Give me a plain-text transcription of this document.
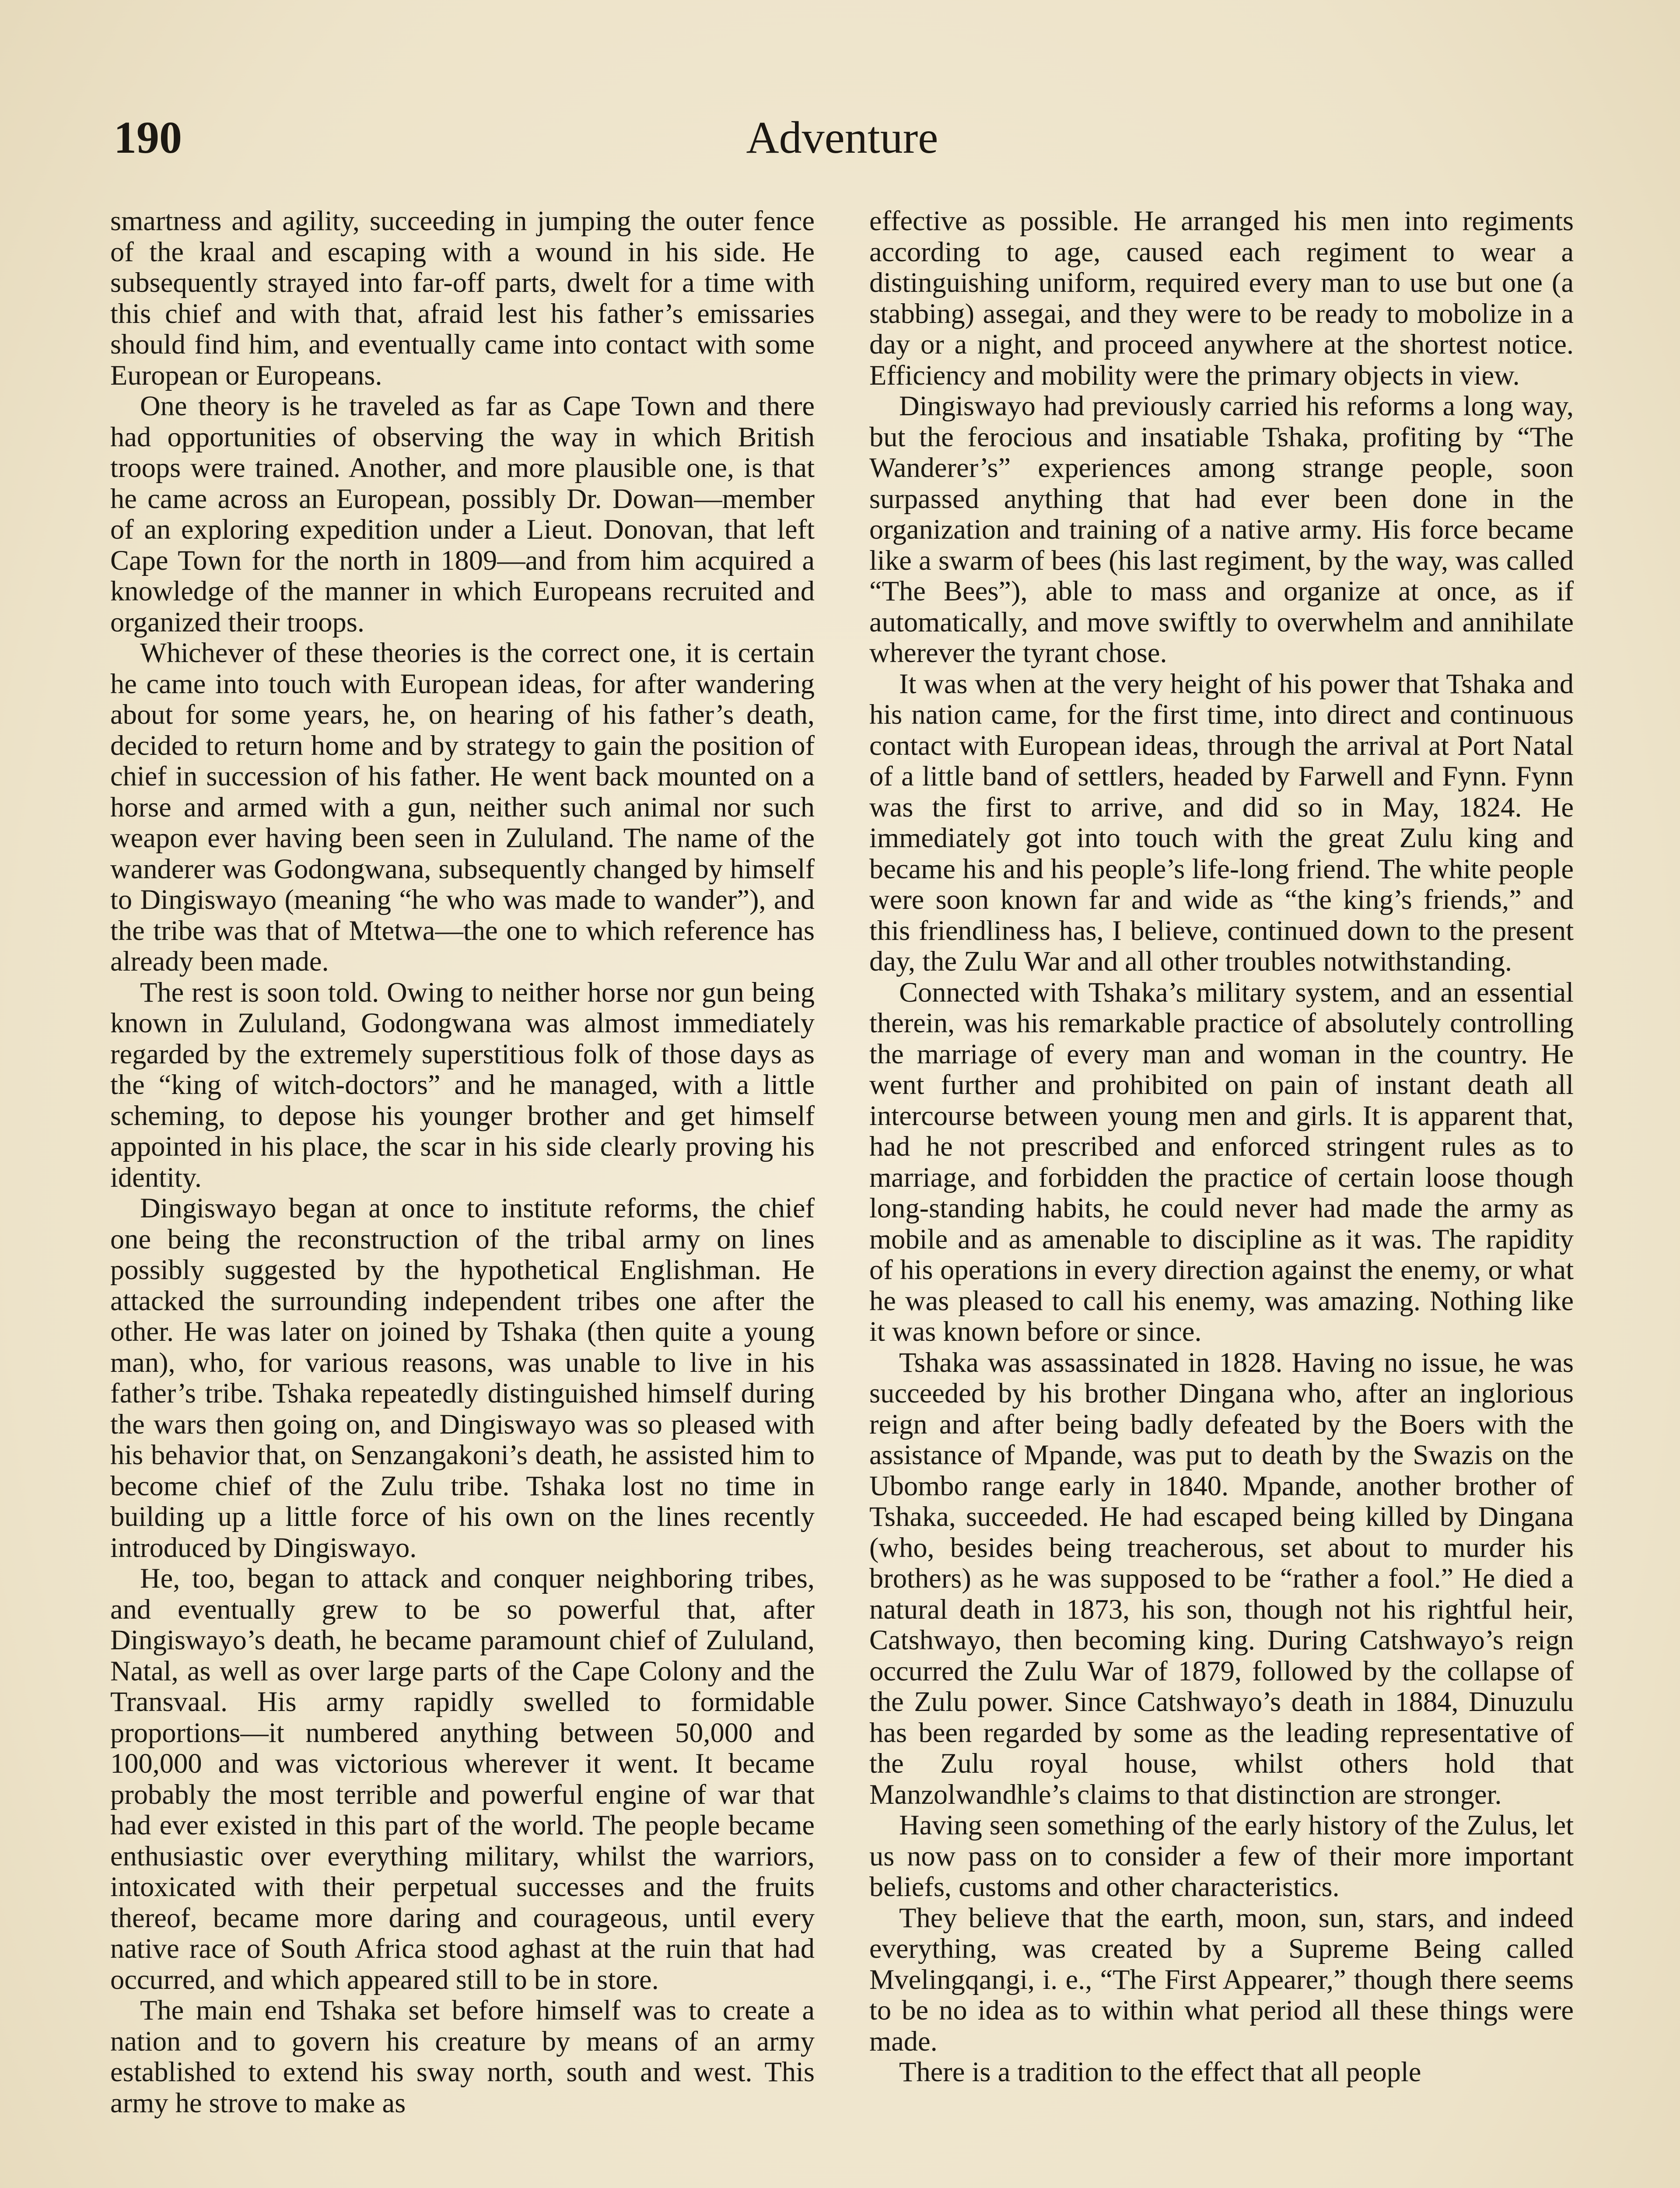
190	Adventure

smartness and agility, succeeding in jumping the outer fence of the kraal and escaping with a wound in his side. He subsequently strayed into far-off parts, dwelt for a time with this chief and with that, afraid lest his father’s emissaries should find him, and eventually came into contact with some European or Europeans.

One theory is he traveled as far as Cape Town and there had opportunities of observing the way in which British troops were trained. Another, and more plausible one, is that he came across an European, possibly Dr. Dowan—member of an exploring expedition under a Lieut. Donovan, that left Cape Town for the north in 1809—and from him acquired a knowledge of the manner in which Europeans recruited and organized their troops.

Whichever of these theories is the correct one, it is certain he came into touch with European ideas, for after wandering about for some years, he, on hearing of his father’s death, decided to return home and by strategy to gain the position of chief in succession of his father. He went back mounted on a horse and armed with a gun, neither such animal nor such weapon ever having been seen in Zululand. The name of the wanderer was Godongwana, subsequently changed by himself to Dingiswayo (meaning “he who was made to wander”), and the tribe was that of Mtetwa—the one to which reference has already been made.

The rest is soon told. Owing to neither horse nor gun being known in Zululand, Godongwana was almost immediately regarded by the extremely superstitious folk of those days as the “king of witch-doctors” and he managed, with a little scheming, to depose his younger brother and get himself appointed in his place, the scar in his side clearly proving his identity.

Dingiswayo began at once to institute reforms, the chief one being the reconstruction of the tribal army on lines possibly suggested by the hypothetical Englishman. He attacked the surrounding independent tribes one after the other. He was later on joined by Tshaka (then quite a young man), who, for various reasons, was unable to live in his father’s tribe. Tshaka repeatedly distinguished himself during the wars then going on, and Dingiswayo was so pleased with his behavior that, on Senzangakoni’s death, he assisted him to become chief of the Zulu tribe. Tshaka lost no time in building up a little force of his own on the lines recently introduced by Dingiswayo.

He, too, began to attack and conquer neighboring tribes, and eventually grew to be so powerful that, after Dingiswayo’s death, he became paramount chief of Zululand, Natal, as well as over large parts of the Cape Colony and the Transvaal. His army rapidly swelled to formidable proportions—it numbered anything between 50,000 and 100,000 and was victorious wherever it went. It became probably the most terrible and powerful engine of war that had ever existed in this part of the world. The people became enthusiastic over everything military, whilst the warriors, intoxicated with their perpetual successes and the fruits thereof, became more daring and courageous, until every native race of South Africa stood aghast at the ruin that had occurred, and which appeared still to be in store.

The main end Tshaka set before himself was to create a nation and to govern his creature by means of an army established to extend his sway north, south and west. This army he strove to make as

effective as possible. He arranged his men into regiments according to age, caused each regiment to wear a distinguishing uniform, required every man to use but one (a stabbing) assegai, and they were to be ready to mobolize in a day or a night, and proceed anywhere at the shortest notice. Efficiency and mobility were the primary objects in view.

Dingiswayo had previously carried his reforms a long way, but the ferocious and insatiable Tshaka, profiting by “The Wanderer’s” experiences among strange people, soon surpassed anything that had ever been done in the organization and training of a native army. His force became like a swarm of bees (his last regiment, by the way, was called “The Bees”), able to mass and organize at once, as if automatically, and move swiftly to overwhelm and annihilate wherever the tyrant chose.

It was when at the very height of his power that Tshaka and his nation came, for the first time, into direct and continuous contact with European ideas, through the arrival at Port Natal of a little band of settlers, headed by Farwell and Fynn. Fynn was the first to arrive, and did so in May, 1824. He immediately got into touch with the great Zulu king and became his and his people’s life-long friend. The white people were soon known far and wide as “the king’s friends,” and this friendliness has, I believe, continued down to the present day, the Zulu War and all other troubles notwithstanding.

Connected with Tshaka’s military system, and an essential therein, was his remarkable practice of absolutely controlling the marriage of every man and woman in the country. He went further and prohibited on pain of instant death all intercourse between young men and girls. It is apparent that, had he not prescribed and enforced stringent rules as to marriage, and forbidden the practice of certain loose though long-standing habits, he could never had made the army as mobile and as amenable to discipline as it was. The rapidity of his operations in every direction against the enemy, or what he was pleased to call his enemy, was amazing. Nothing like it was known before or since.

Tshaka was assassinated in 1828. Having no issue, he was succeeded by his brother Dingana who, after an inglorious reign and after being badly defeated by the Boers with the assistance of Mpande, was put to death by the Swazis on the Ubombo range early in 1840. Mpande, another brother of Tshaka, succeeded. He had escaped being killed by Dingana (who, besides being treacherous, set about to murder his brothers) as he was supposed to be “rather a fool.” He died a natural death in 1873, his son, though not his rightful heir, Catshwayo, then becoming king. During Catshwayo’s reign occurred the Zulu War of 1879, followed by the collapse of the Zulu power. Since Catshwayo’s death in 1884, Dinuzulu has been regarded by some as the leading representative of the Zulu royal house, whilst others hold that Manzolwandhle’s claims to that distinction are stronger.

Having seen something of the early history of the Zulus, let us now pass on to consider a few of their more important beliefs, customs and other characteristics.

They believe that the earth, moon, sun, stars, and indeed everything, was created by a Supreme Being called Mvelingqangi, i. e., “The First Appearer,” though there seems to be no idea as to within what period all these things were made.

There is a tradition to the effect that all people
